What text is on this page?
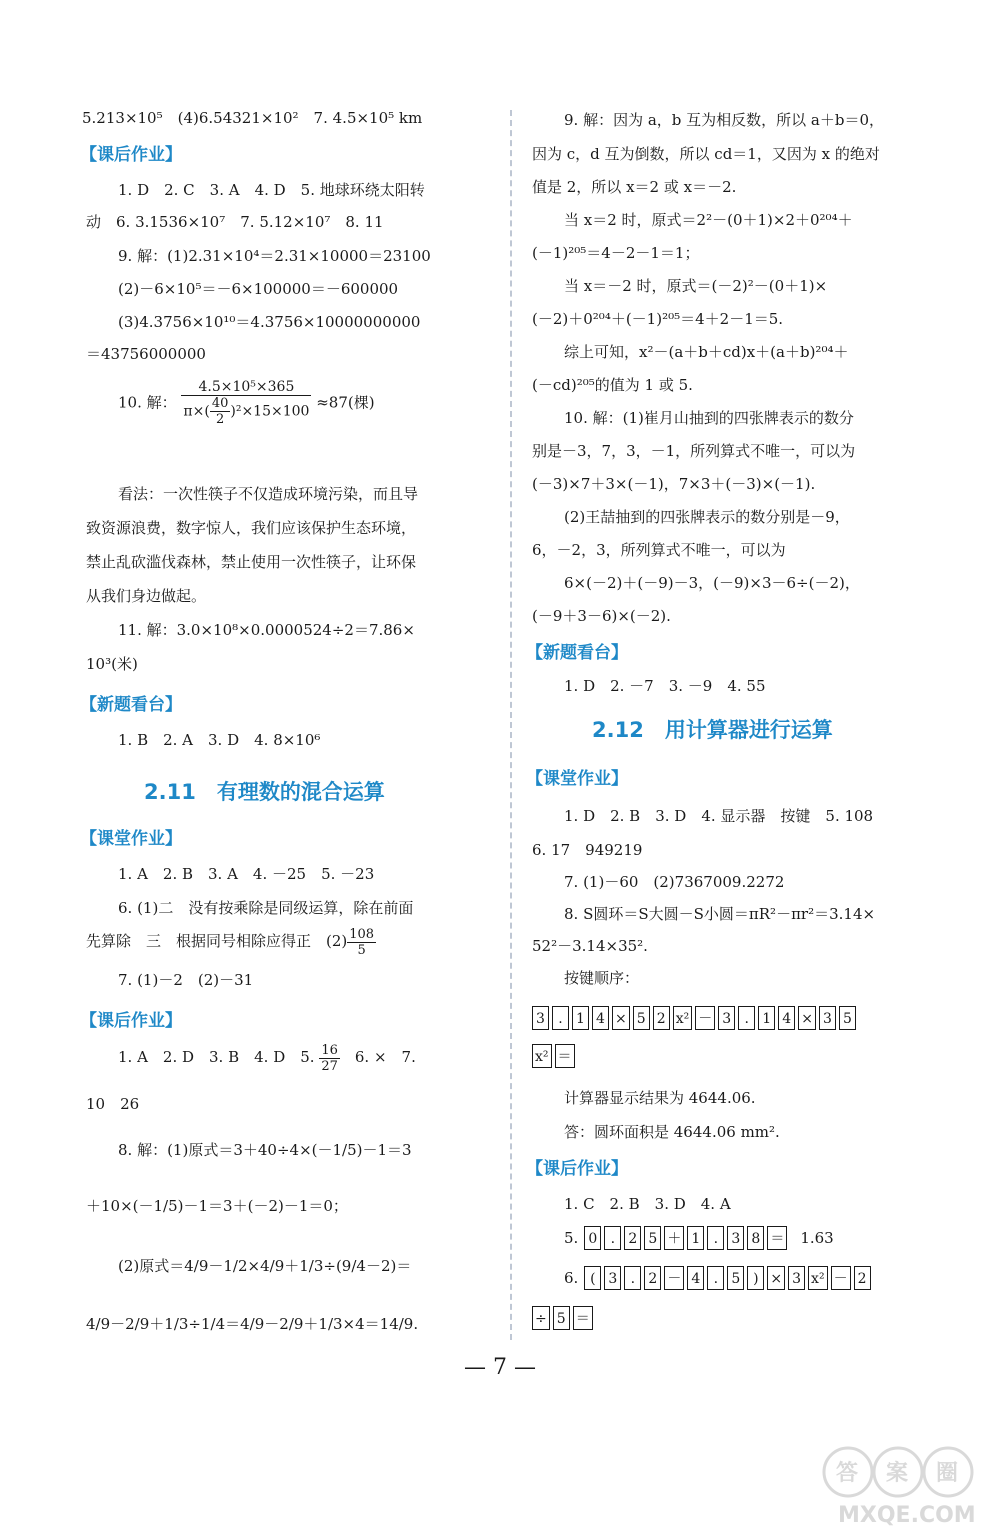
5.213×10⁵　(4)6.54321×10²　7. 4.5×10⁵ km
【课后作业】
1. D　2. C　3. A　4. D　5. 地球环绕太阳转
动　6. 3.1536×10⁷　7. 5.12×10⁷　8. 11
9. 解：(1)2.31×10⁴＝2.31×10000＝23100
(2)－6×10⁵＝－6×100000＝－600000
(3)4.3756×10¹⁰＝4.3756×10000000000
＝43756000000
10. 解： $\frac{\text{4.5×10⁵×365}}{\pi\times( \frac{40}{2} )^2\times 15\times 100} \approx 87$(棵)
看法：一次性筷子不仅造成环境污染，而且导
致资源浪费，数字惊人，我们应该保护生态环境，
禁止乱砍滥伐森林，禁止使用一次性筷子，让环保
从我们身边做起。
11. 解：3.0×10⁸×0.0000524÷2＝7.86×
10³(米)
【新题看台】
1. B　2. A　3. D　4. 8×10⁶
2.11　有理数的混合运算
【课堂作业】
1. A　2. B　3. A　4. －25　5. －23
6. (1)二　没有按乘除是同级运算，除在前面
先算除　三　根据同号相除应得正　$(2) \frac{108}{5}$
7. (1)－2　(2)－31
【课后作业】
1. A　2. D　3. B　4. D　5. $\frac{16}{27}$ 　6. ×　7.
10　26
8. 解：(1)原式＝3＋40÷4×(－1/5)－1＝3
＋10×(－1/5)－1＝3＋(－2)－1＝0；
(2)原式＝4/9－1/2×4/9＋1/3÷(9/4－2)＝
4/9－2/9＋1/3÷1/4＝4/9－2/9＋1/3×4＝14/9.
9. 解：因为 a，b 互为相反数，所以 a＋b＝0，
因为 c，d 互为倒数，所以 cd＝1，又因为 x 的绝对
值是 2，所以 x＝2 或 x＝－2.
当 x＝2 时，原式＝2²－(0＋1)×2＋0²⁰⁴＋
(－1)²⁰⁵＝4－2－1＝1；
当 x＝－2 时，原式＝(－2)²－(0＋1)×
(－2)＋0²⁰⁴＋(－1)²⁰⁵＝4＋2－1＝5.
综上可知，x²－(a＋b＋cd)x＋(a＋b)²⁰⁴＋
(－cd)²⁰⁵的值为 1 或 5.
10. 解：(1)崔月山抽到的四张牌表示的数分
别是－3，7，3，－1，所列算式不唯一，可以为
(－3)×7＋3×(－1)，7×3＋(－3)×(－1).
(2)王喆抽到的四张牌表示的数分别是－9，
6，－2，3，所列算式不唯一，可以为
6×(－2)＋(－9)－3，(－9)×3－6÷(－2)，
(－9＋3－6)×(－2).
【新题看台】
1. D　2. －7　3. －9　4. 55
2.12　用计算器进行运算
【课堂作业】
1. D　2. B　3. D　4. 显示器　按键　5. 108
6. 17　949219
7. (1)－60　(2)7367009.2272
8. S圆环＝S大圆－S小圆＝πR²－πr²＝3.14×
52²－3.14×35².
按键顺序：
3 . 1 4 × 5 2 x² － 3 . 1 4 × 3 5
x² ＝
计算器显示结果为 4644.06.
答：圆环面积是 4644.06 mm².
【课后作业】
1. C　2. B　3. D　4. A
5. 0 . 2 5 ＋ 1 . 3 8 ＝ 1.63
6. ( 3 . 2 － 4 . 5 ) × 3 x² － 2
÷ 5 ＝
— 7 —
答 案 圈
MXQE.COM
